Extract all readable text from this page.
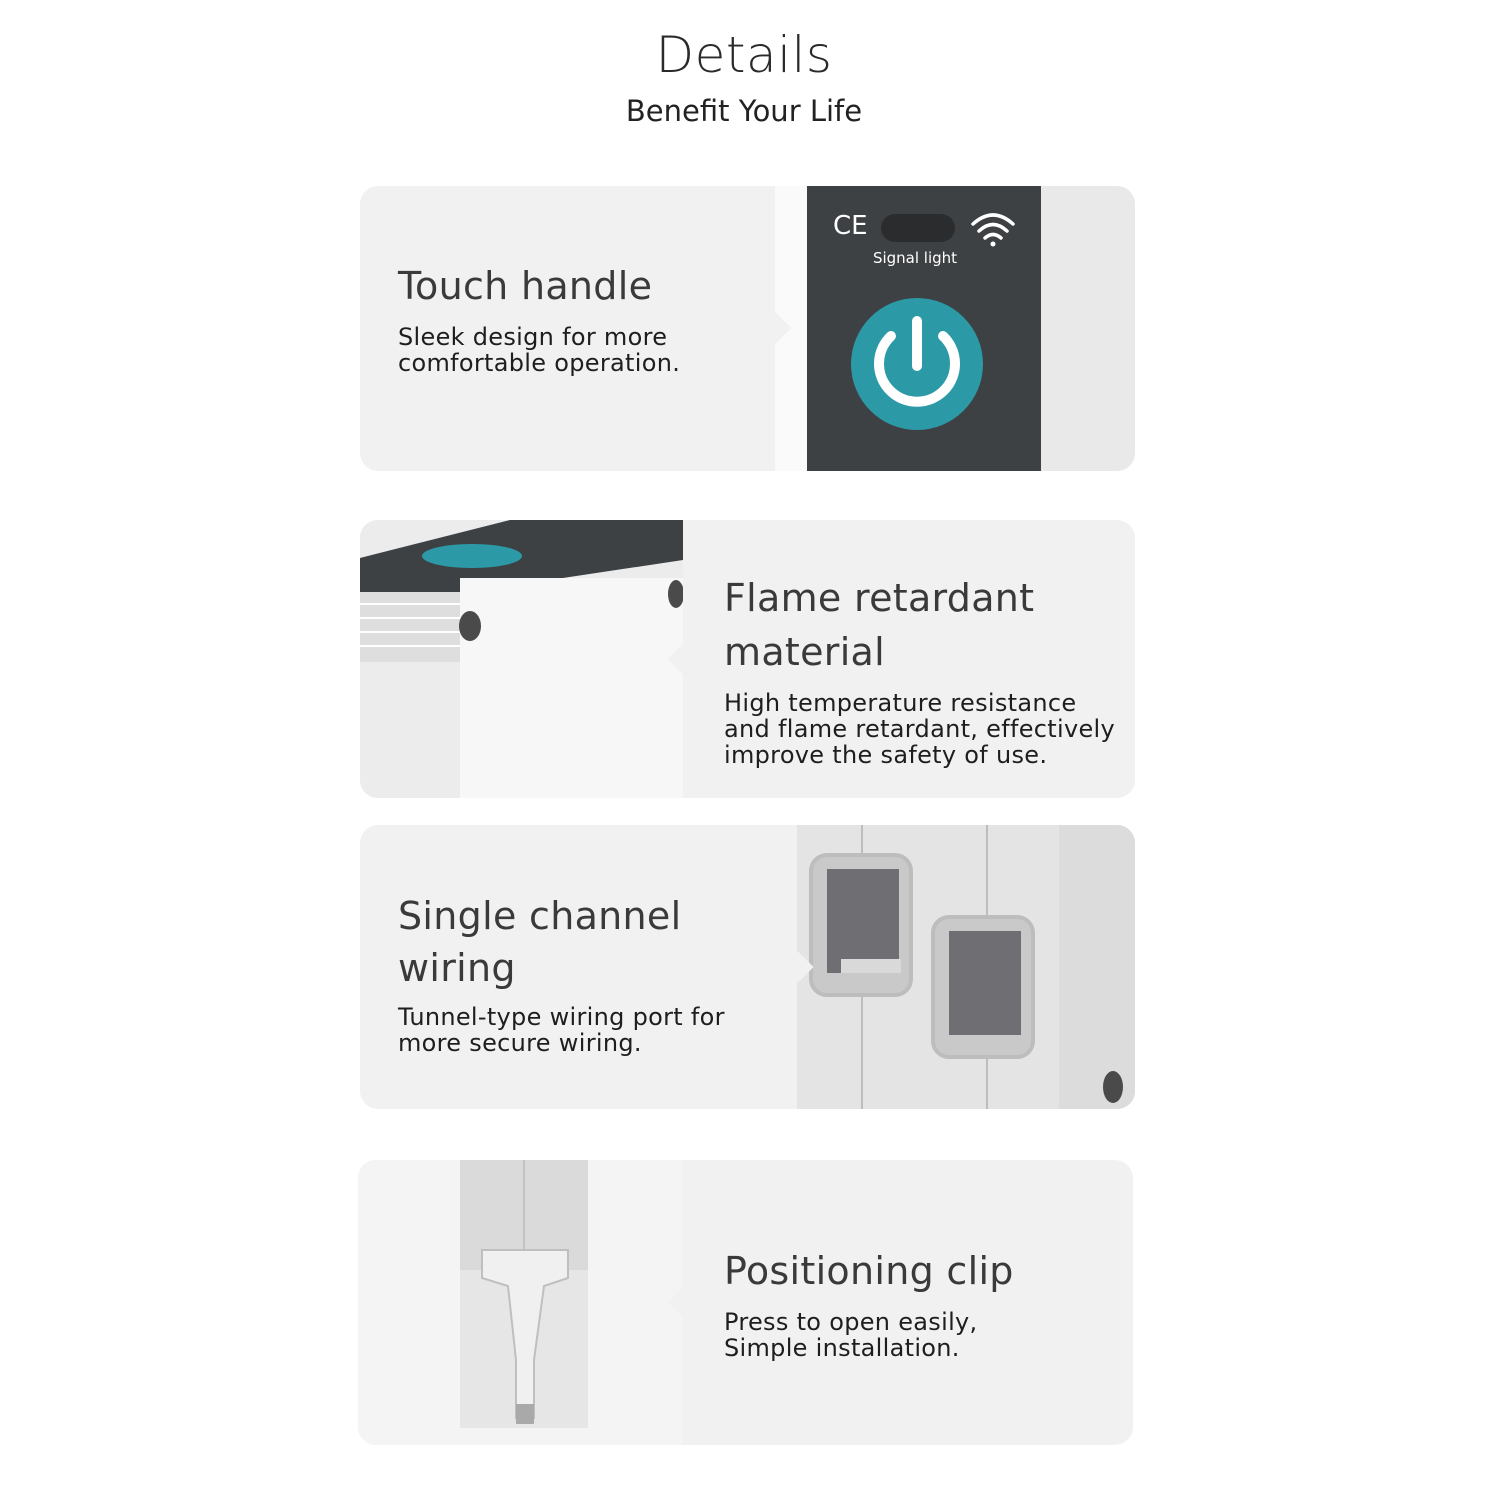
Details
Benefit Your Life
Touch handle

Sleek design for more

comfortable operation.

CE
Signal light
Flame retardant
material

High temperature resistance

and flame retardant, effectively

improve the safety of use.

Single channel
wiring

Tunnel-type wiring port for

more secure wiring.

Positioning clip

Press to open easily,

Simple installation.
